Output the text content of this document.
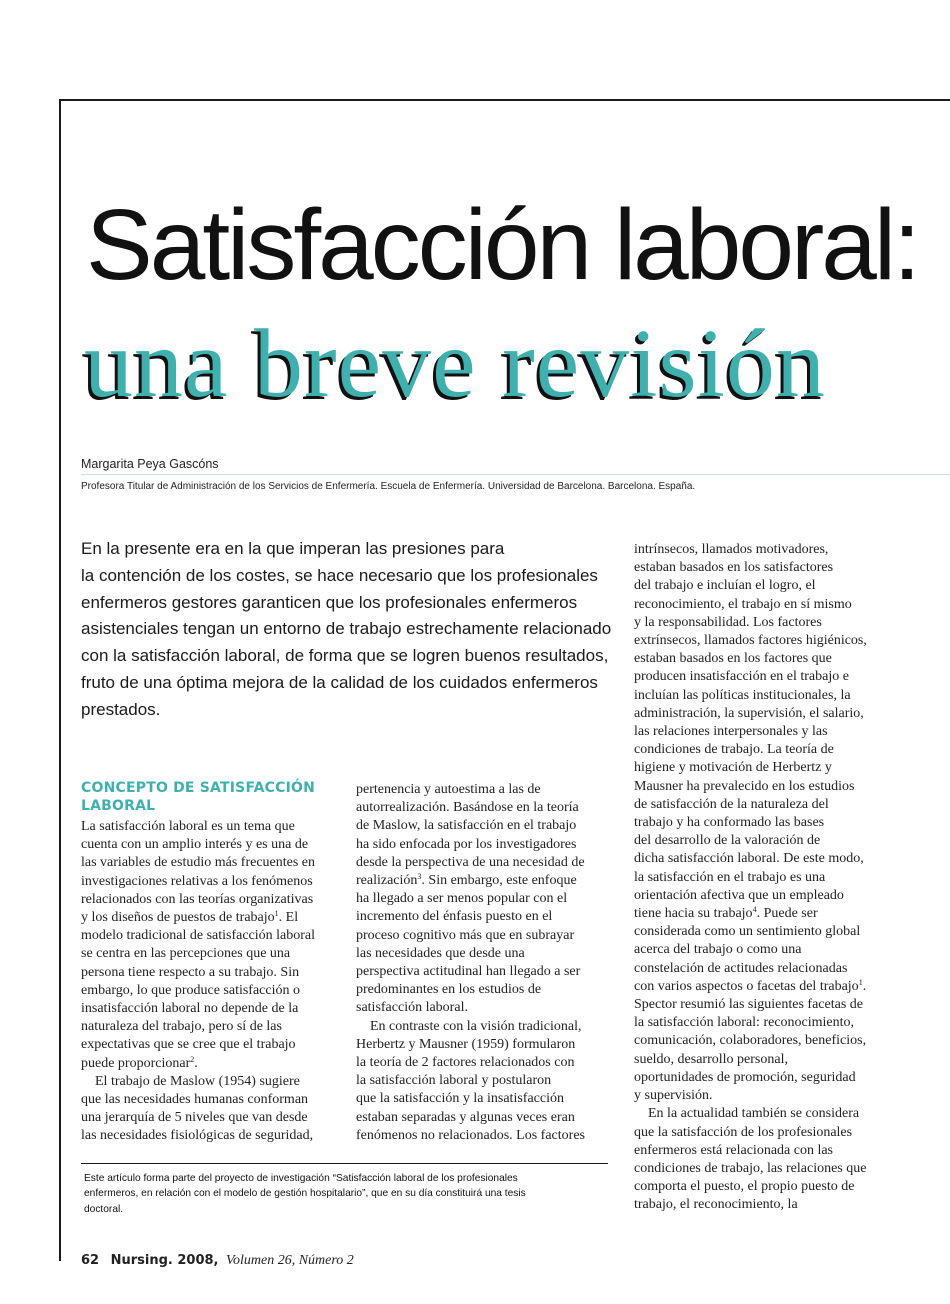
Satisfacción laboral:
una breve revisión
Margarita Peya Gascóns
Profesora Titular de Administración de los Servicios de Enfermería. Escuela de Enfermería. Universidad de Barcelona. Barcelona. España.

En la presente era en la que imperan las presiones para

la contención de los costes, se hace necesario que los profesionales

enfermeros gestores garanticen que los profesionales enfermeros

asistenciales tengan un entorno de trabajo estrechamente relacionado

con la satisfacción laboral, de forma que se logren buenos resultados,

fruto de una óptima mejora de la calidad de los cuidados enfermeros

prestados.

CONCEPTO DE SATISFACCIÓN
LABORAL

La satisfacción laboral es un tema que

cuenta con un amplio interés y es una de

las variables de estudio más frecuentes en

investigaciones relativas a los fenómenos

relacionados con las teorías organizativas

y los diseños de puestos de trabajo$^1$. El

modelo tradicional de satisfacción laboral

se centra en las percepciones que una

persona tiene respecto a su trabajo. Sin

embargo, lo que produce satisfacción o

insatisfacción laboral no depende de la

naturaleza del trabajo, pero sí de las

expectativas que se cree que el trabajo

puede proporcionar$^2$.

El trabajo de Maslow (1954) sugiere

que las necesidades humanas conforman

una jerarquía de 5 niveles que van desde

las necesidades fisiológicas de seguridad,

pertenencia y autoestima a las de

autorrealización. Basándose en la teoría

de Maslow, la satisfacción en el trabajo

ha sido enfocada por los investigadores

desde la perspectiva de una necesidad de

realización$^3$. Sin embargo, este enfoque

ha llegado a ser menos popular con el

incremento del énfasis puesto en el

proceso cognitivo más que en subrayar

las necesidades que desde una

perspectiva actitudinal han llegado a ser

predominantes en los estudios de

satisfacción laboral.

En contraste con la visión tradicional,

Herbertz y Mausner (1959) formularon

la teoría de 2 factores relacionados con

la satisfacción laboral y postularon

que la satisfacción y la insatisfacción

estaban separadas y algunas veces eran

fenómenos no relacionados. Los factores

intrínsecos, llamados motivadores,

estaban basados en los satisfactores

del trabajo e incluían el logro, el

reconocimiento, el trabajo en sí mismo

y la responsabilidad. Los factores

extrínsecos, llamados factores higiénicos,

estaban basados en los factores que

producen insatisfacción en el trabajo e

incluían las políticas institucionales, la

administración, la supervisión, el salario,

las relaciones interpersonales y las

condiciones de trabajo. La teoría de

higiene y motivación de Herbertz y

Mausner ha prevalecido en los estudios

de satisfacción de la naturaleza del

trabajo y ha conformado las bases

del desarrollo de la valoración de

dicha satisfacción laboral. De este modo,

la satisfacción en el trabajo es una

orientación afectiva que un empleado

tiene hacia su trabajo$^4$. Puede ser

considerada como un sentimiento global

acerca del trabajo o como una

constelación de actitudes relacionadas

con varios aspectos o facetas del trabajo$^1$.

Spector resumió las siguientes facetas de

la satisfacción laboral: reconocimiento,

comunicación, colaboradores, beneficios,

sueldo, desarrollo personal,

oportunidades de promoción, seguridad

y supervisión.

En la actualidad también se considera

que la satisfacción de los profesionales

enfermeros está relacionada con las

condiciones de trabajo, las relaciones que

comporta el puesto, el propio puesto de

trabajo, el reconocimiento, la

Este artículo forma parte del proyecto de investigación “Satisfacción laboral de los profesionales

enfermeros, en relación con el modelo de gestión hospitalario”, que en su día constituirá una tesis

doctoral.

62 Nursing. 2008, Volumen 26, Número 2
